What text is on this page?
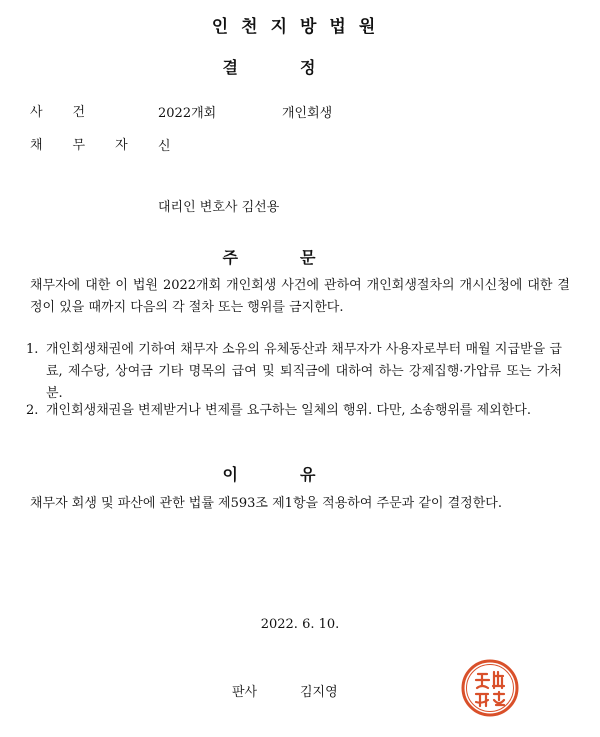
인천지방법원
결정
사건	2022개회	개인회생
채무자 신
대리인 변호사 김선용
주문
채무자에 대한 이 법원 2022개회 개인회생 사건에 관하여 개인회생절차의 개시신청에 대한 결정이 있을 때까지 다음의 각 절차 또는 행위를 금지한다.
1. 개인회생채권에 기하여 채무자 소유의 유체동산과 채무자가 사용자로부터 매월 지급받을 급료, 제수당, 상여금 기타 명목의 급여 및 퇴직금에 대하여 하는 강제집행·가압류 또는 가처분.
2. 개인회생채권을 변제받거나 변제를 요구하는 일체의 행위. 다만, 소송행위를 제외한다.
이유
채무자 회생 및 파산에 관한 법률 제593조 제1항을 적용하여 주문과 같이 결정한다.
2022. 6. 10.
판사	김지영
